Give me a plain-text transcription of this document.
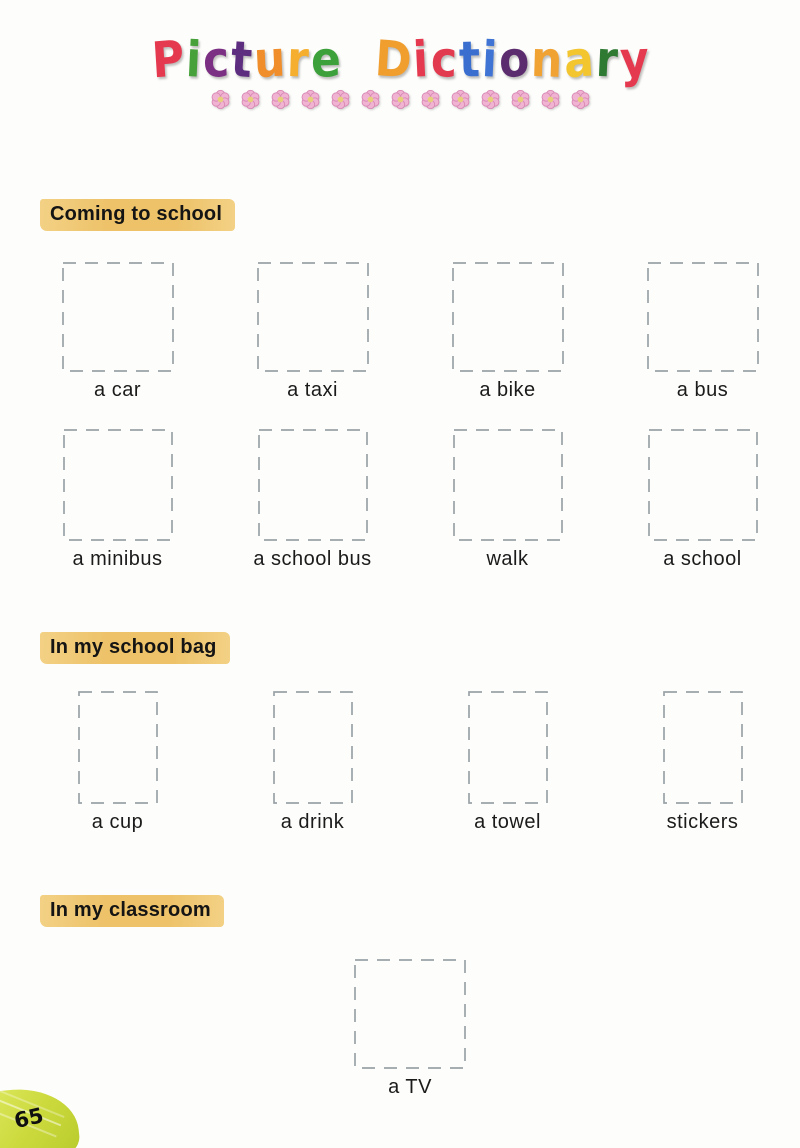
Picture Dictionary
Coming to school
a car	a taxi	a bike	a bus
a minibus	a school bus	walk	a school
In my school bag
a cup	a drink	a towel	stickers
In my classroom
a TV
65
